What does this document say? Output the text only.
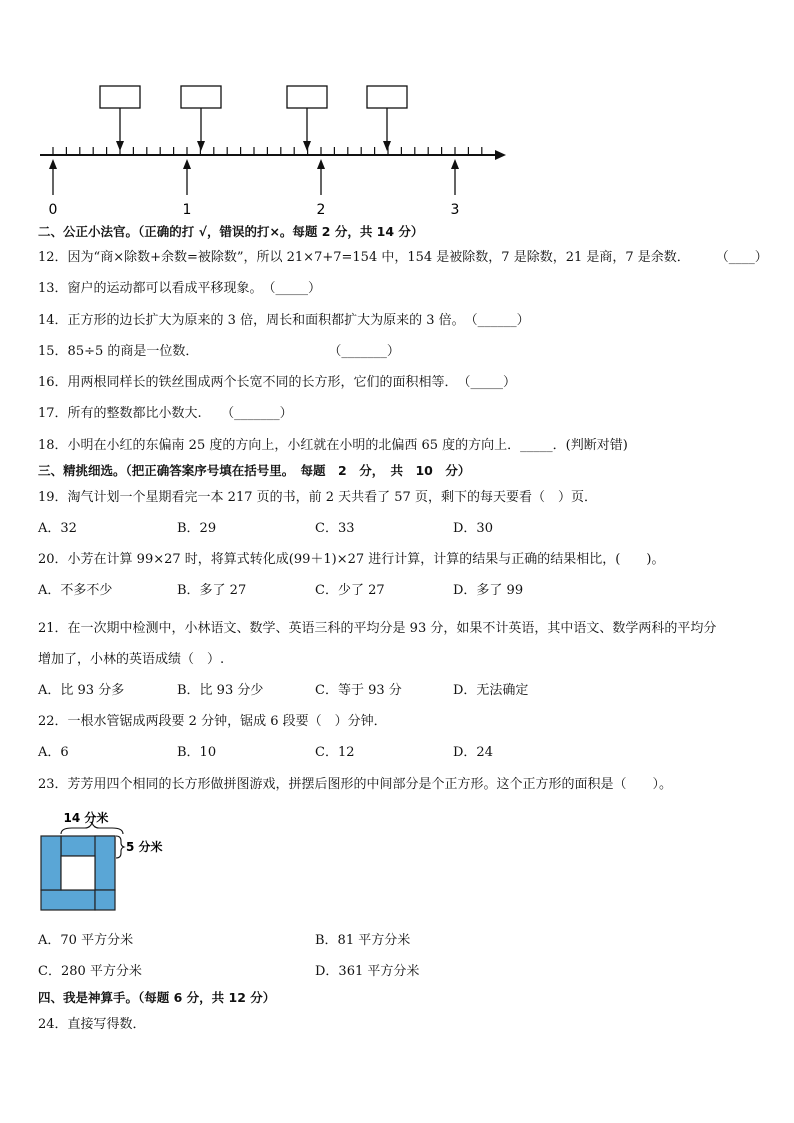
0	1	2	3
二、公正小法官。（正确的打 √，错误的打×。每题 2 分，共 14 分）
12．因为“商×除数+余数=被除数”，所以 21×7+7=154 中，154 是被除数，7 是除数，21 是商，7 是余数．　　　（____）
13．窗户的运动都可以看成平移现象。　（_____）
14．正方形的边长扩大为原来的 3 倍，周长和面积都扩大为原来的 3 倍。　（______）
15．85÷5 的商是一位数．　　　　　　　　　　　（_______）
16．用两根同样长的铁丝围成两个长宽不同的长方形，它们的面积相等．　（_____）
17．所有的整数都比小数大.　　（_______）
18．小明在小红的东偏南 25 度的方向上，小红就在小明的北偏西 65 度的方向上．_____．(判断对错)
三、精挑细选。（把正确答案序号填在括号里。　每题　2　分，　共　10　分）
19．淘气计划一个星期看完一本 217 页的书，前 2 天共看了 57 页，剩下的每天要看（　）页．
A．32	B．29	C．33	D．30
20．小芳在计算 99×27 时，将算式转化成(99＋1)×27 进行计算，计算的结果与正确的结果相比，(　　)。
A．不多不少	B．多了 27	C．少了 27	D．多了 99
21．在一次期中检测中，小林语文、数学、英语三科的平均分是 93 分，如果不计英语，其中语文、数学两科的平均分
增加了，小林的英语成绩（　）.
A．比 93 分多	B．比 93 分少	C．等于 93 分	D．无法确定
22．一根水管锯成两段要 2 分钟，锯成 6 段要（　）分钟．
A．6	B．10	C．12	D．24
23．芳芳用四个相同的长方形做拼图游戏，拼摆后图形的中间部分是个正方形。这个正方形的面积是（　　）。
14 分米
5 分米
A．70 平方分米	B．81 平方分米
C．280 平方分米	D．361 平方分米
四、我是神算手。（每题 6 分，共 12 分）
24．直接写得数．
